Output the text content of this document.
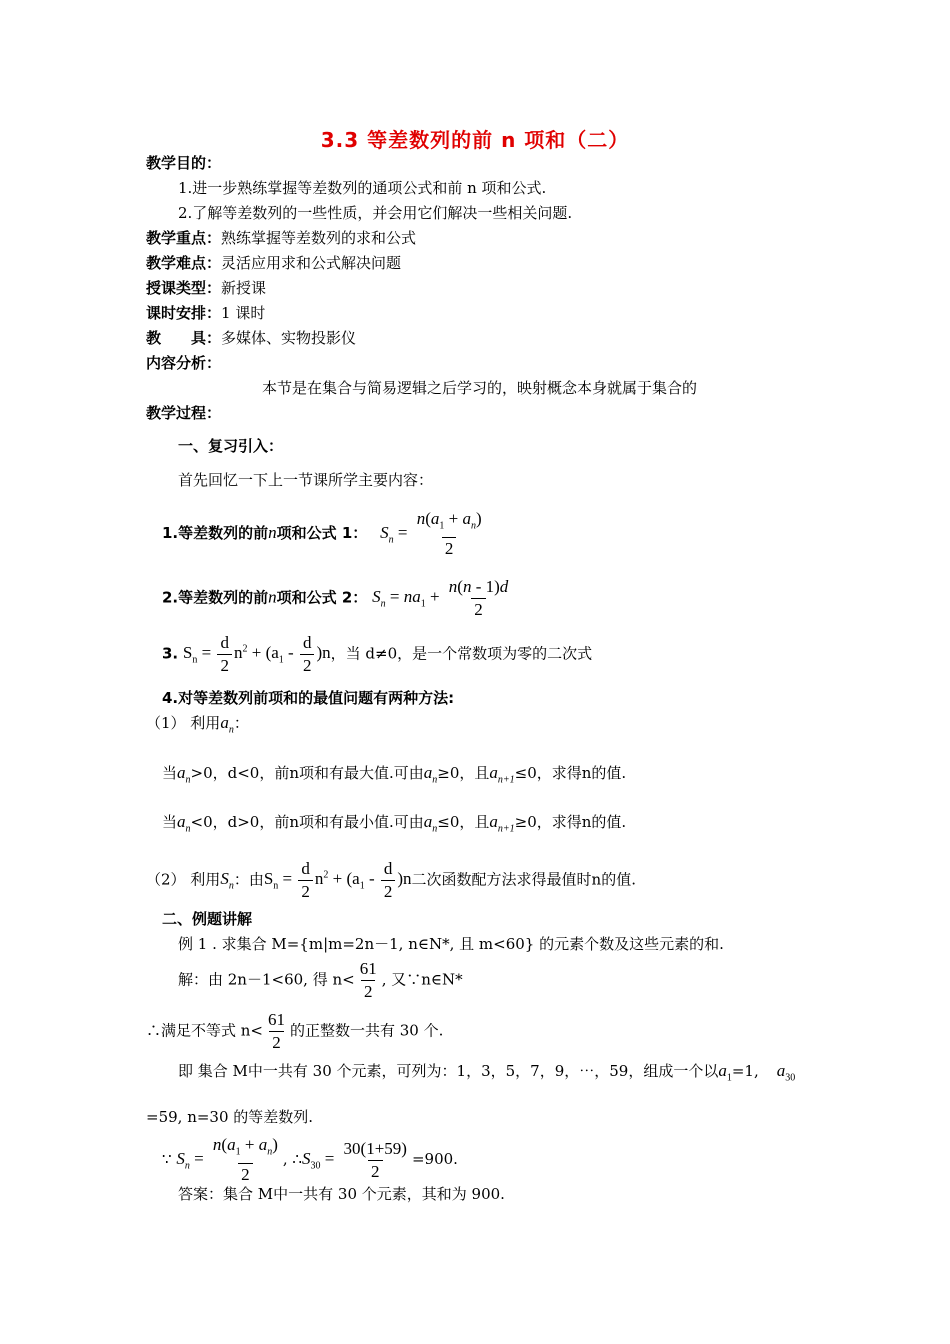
3.3 等差数列的前 n 项和（二）
教学目的：
1.进一步熟练掌握等差数列的通项公式和前 n 项和公式.
2.了解等差数列的一些性质，并会用它们解决一些相关问题.
教学重点：熟练掌握等差数列的求和公式
教学难点：灵活应用求和公式解决问题
授课类型：新授课
课时安排：1 课时
教　　具：多媒体、实物投影仪
内容分析：
本节是在集合与简易逻辑之后学习的，映射概念本身就属于集合的
教学过程：
一、复习引入：
首先回忆一下上一节课所学主要内容：
1.等差数列的前n项和公式 1： $S_n = \frac{n(a_1 + a_n)}{2}$
2.等差数列的前n项和公式 2： $S_n = na_1 + \frac{n(n - 1)d}{2}$
3. $S_n = \frac{d}{2} n^2 + (a_1 - \frac{d}{2} )n$，当 d≠0，是一个常数项为零的二次式
4.对等差数列前项和的最值问题有两种方法:
（1） 利用$a_n$：
当$a_n>0$，d<0，前n项和有最大值.可由$a_n\ge 0$，且$a_{n+1}\le 0$，求得n的值.
当$a_n<0$，d>0，前n项和有最小值.可由$a_n\le 0$，且$a_{n+1}\ge 0$，求得n的值.
（2） 利用$S_n$：由$S_n = \frac{d}{2} n^2 + (a_1 - \frac{d}{2} )n$二次函数配方法求得最值时n的值.
二、例题讲解
例 1 . 求集合 M={m|m=2n－1, n∈N*, 且 m<60} 的元素个数及这些元素的和.
解：由 2n－1<60, 得 $n< \frac{61}{2}$ , 又∵n∈N*
∴满足不等式 $n< \frac{61}{2}$ 的正整数一共有 30 个.
即 集合 M中一共有 30 个元素，可列为：1，3，5，7，9，⋯，59，组成一个以$a_1=1$, $a_{30}$
=59, n=30 的等差数列.
∵ $S_n = \frac{n(a_1 + a_n)}{2}$ , $\therefore S_{30} = \frac{30(1+59)}{2} =900$.
答案：集合 M中一共有 30 个元素，其和为 900.
